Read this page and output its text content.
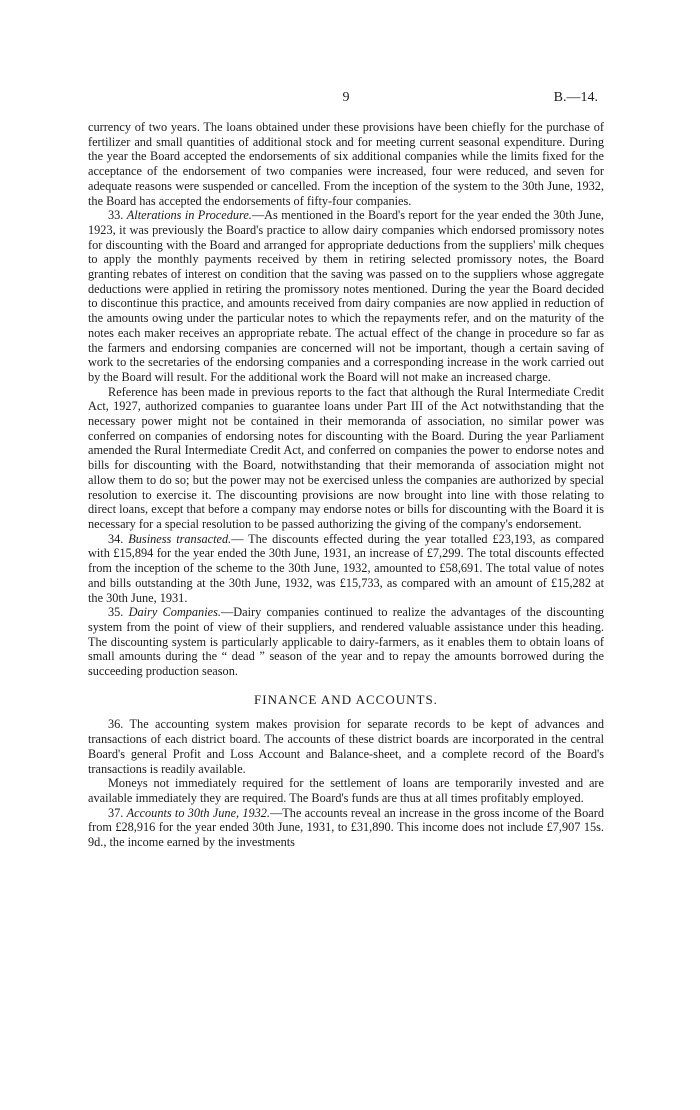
9	B.—14.

currency of two years. The loans obtained under these provisions have been chiefly for the purchase of fertilizer and small quantities of additional stock and for meeting current seasonal expenditure. During the year the Board accepted the endorsements of six additional companies while the limits fixed for the acceptance of the endorsement of two companies were increased, four were reduced, and seven for adequate reasons were suspended or cancelled. From the inception of the system to the 30th June, 1932, the Board has accepted the endorsements of fifty-four companies.

33. Alterations in Procedure.—As mentioned in the Board's report for the year ended the 30th June, 1923, it was previously the Board's practice to allow dairy companies which endorsed promissory notes for discounting with the Board and arranged for appropriate deductions from the suppliers' milk cheques to apply the monthly payments received by them in retiring selected promissory notes, the Board granting rebates of interest on condition that the saving was passed on to the suppliers whose aggregate deductions were applied in retiring the promissory notes mentioned. During the year the Board decided to discontinue this practice, and amounts received from dairy companies are now applied in reduction of the amounts owing under the particular notes to which the repayments refer, and on the maturity of the notes each maker receives an appropriate rebate. The actual effect of the change in procedure so far as the farmers and endorsing companies are concerned will not be important, though a certain saving of work to the secretaries of the endorsing companies and a corresponding increase in the work carried out by the Board will result. For the additional work the Board will not make an increased charge.

Reference has been made in previous reports to the fact that although the Rural Intermediate Credit Act, 1927, authorized companies to guarantee loans under Part III of the Act notwithstanding that the necessary power might not be contained in their memoranda of association, no similar power was conferred on companies of endorsing notes for discounting with the Board. During the year Parliament amended the Rural Intermediate Credit Act, and conferred on companies the power to endorse notes and bills for discounting with the Board, notwithstanding that their memoranda of association might not allow them to do so; but the power may not be exercised unless the companies are authorized by special resolution to exercise it. The discounting provisions are now brought into line with those relating to direct loans, except that before a company may endorse notes or bills for discounting with the Board it is necessary for a special resolution to be passed authorizing the giving of the company's endorsement.

34. Business transacted.— The discounts effected during the year totalled £23,193, as compared with £15,894 for the year ended the 30th June, 1931, an increase of £7,299. The total discounts effected from the inception of the scheme to the 30th June, 1932, amounted to £58,691. The total value of notes and bills outstanding at the 30th June, 1932, was £15,733, as compared with an amount of £15,282 at the 30th June, 1931.

35. Dairy Companies.—Dairy companies continued to realize the advantages of the discounting system from the point of view of their suppliers, and rendered valuable assistance under this heading. The discounting system is particularly applicable to dairy-farmers, as it enables them to obtain loans of small amounts during the “ dead ” season of the year and to repay the amounts borrowed during the succeeding production season.

FINANCE AND ACCOUNTS.

36. The accounting system makes provision for separate records to be kept of advances and transactions of each district board. The accounts of these district boards are incorporated in the central Board's general Profit and Loss Account and Balance-sheet, and a complete record of the Board's transactions is readily available.

Moneys not immediately required for the settlement of loans are temporarily invested and are available immediately they are required. The Board's funds are thus at all times profitably employed.

37. Accounts to 30th June, 1932.—The accounts reveal an increase in the gross income of the Board from £28,916 for the year ended 30th June, 1931, to £31,890. This income does not include £7,907 15s. 9d., the income earned by the investments
